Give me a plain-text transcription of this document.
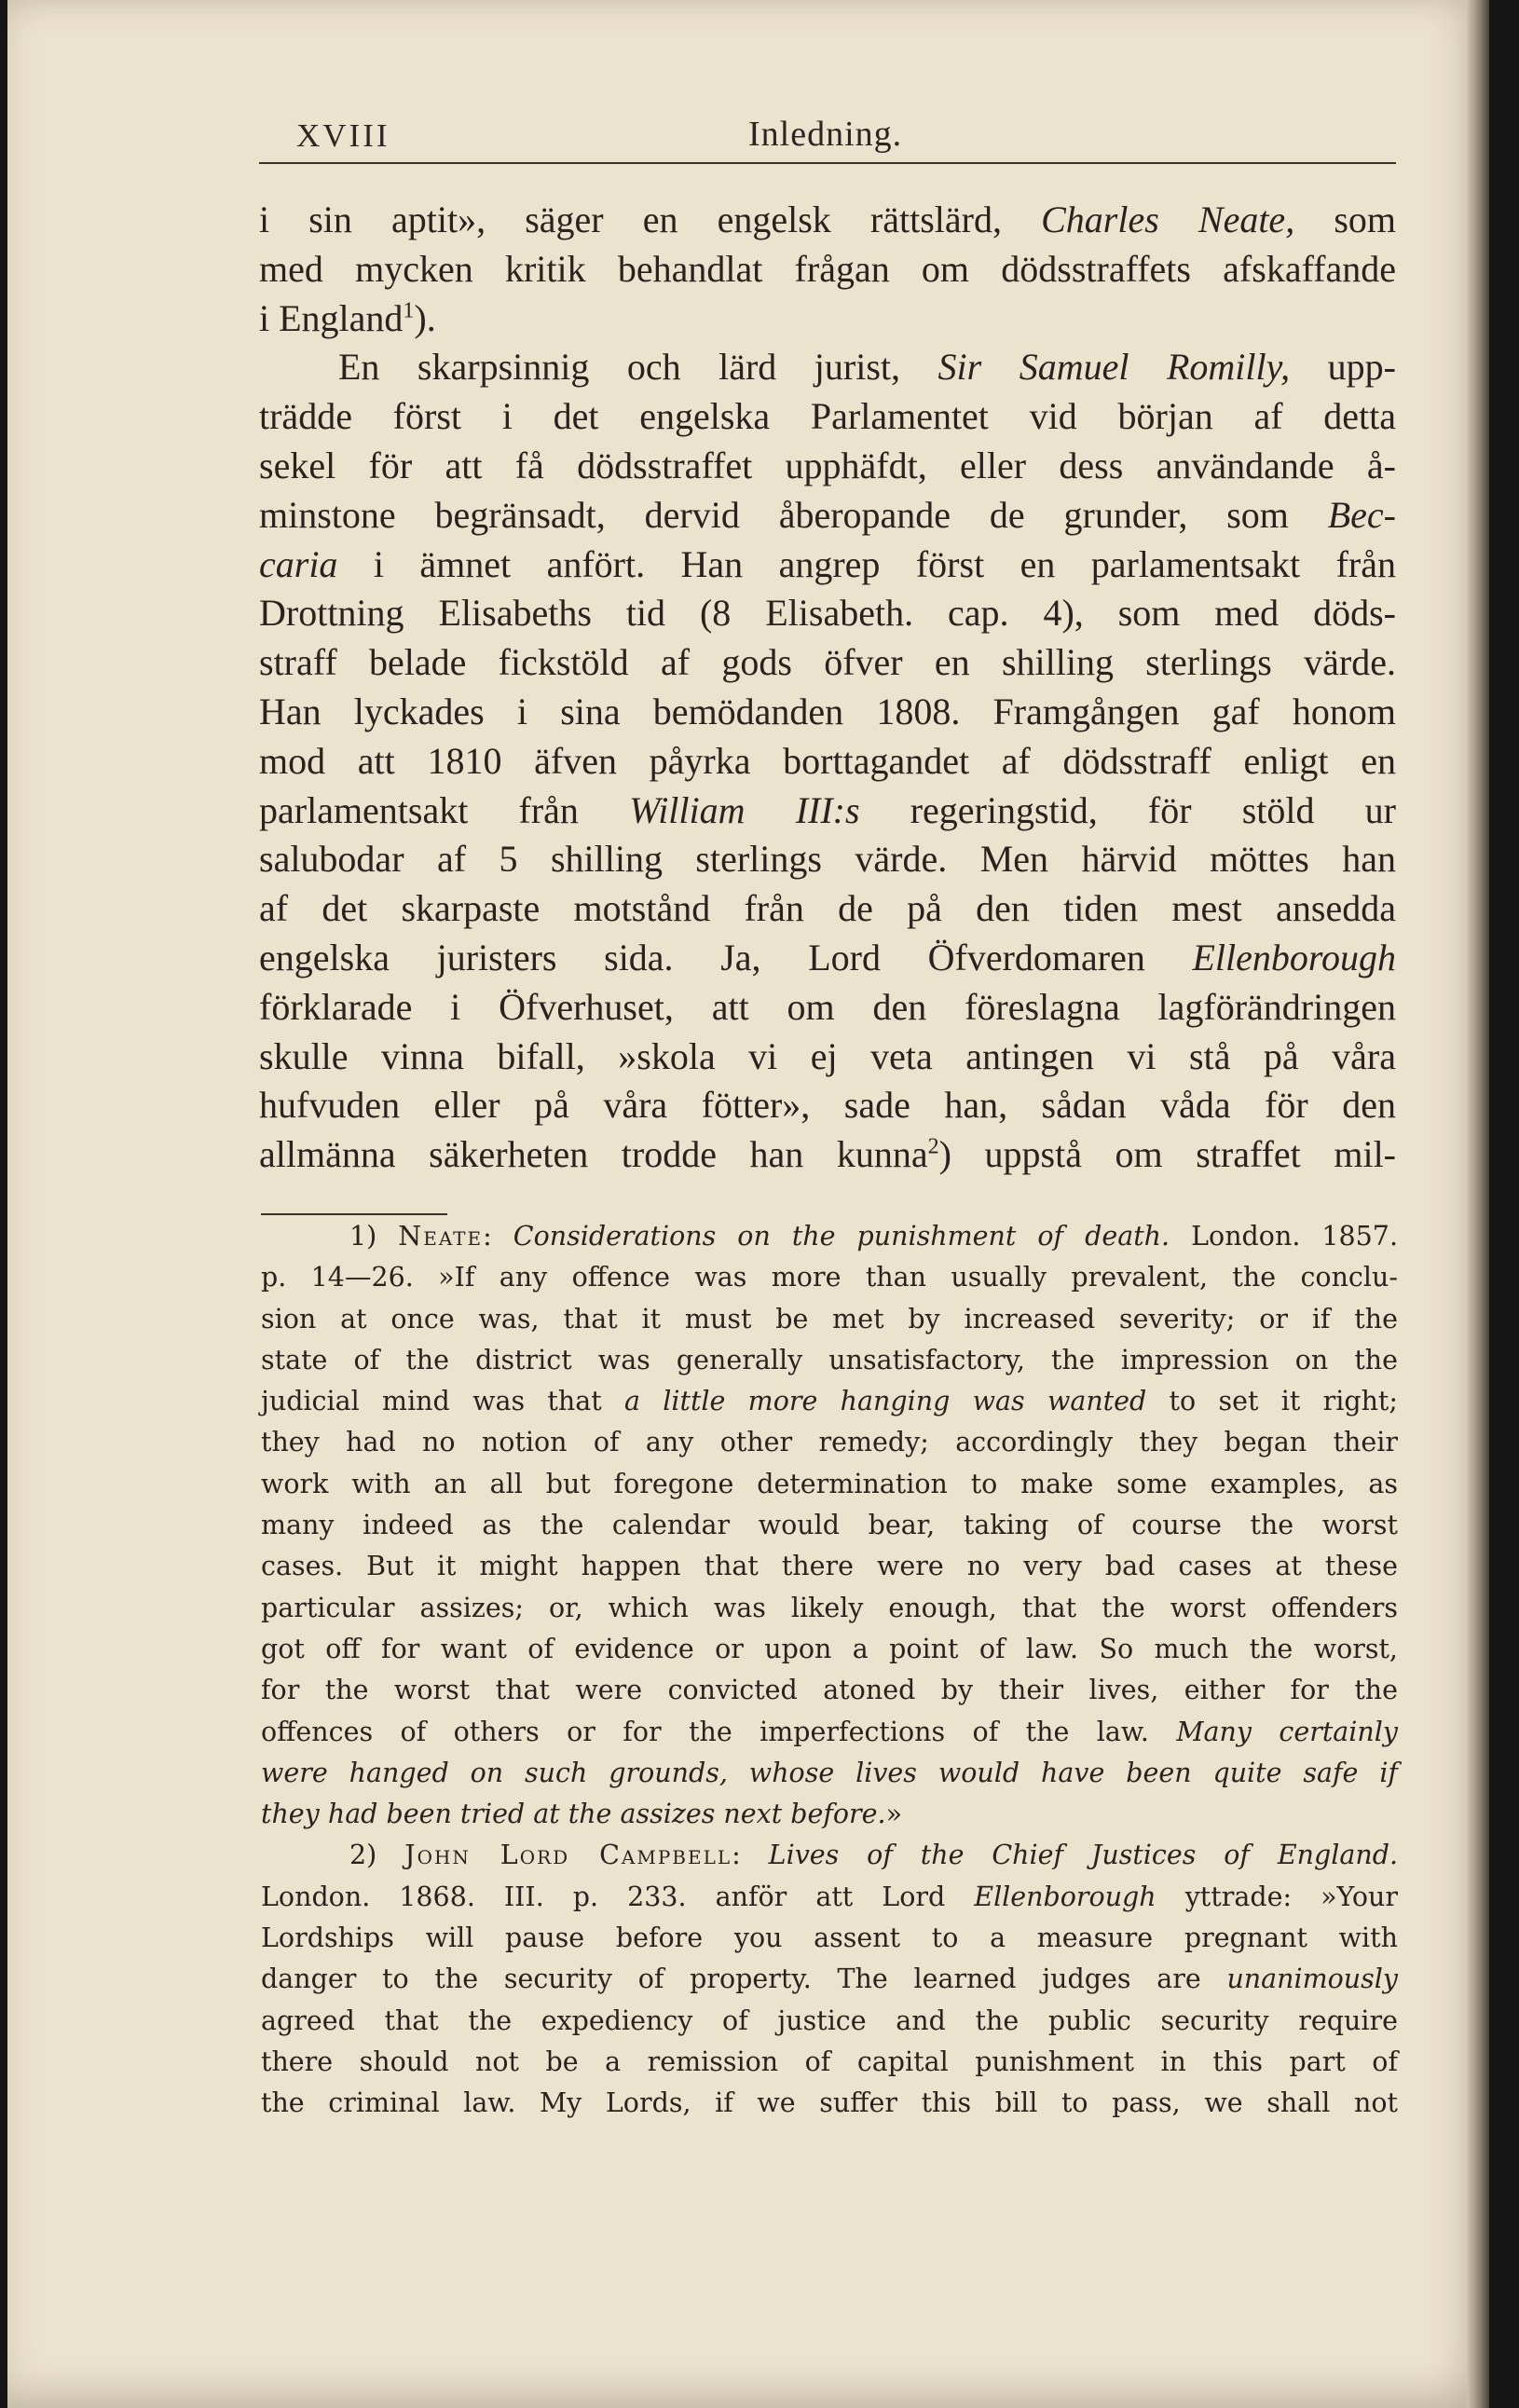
XVIII	Inledning.
i sin aptit», säger en engelsk rättslärd, Charles Neate, som
med mycken kritik behandlat frågan om dödsstraffets afskaffande
i England$^1$).
En skarpsinnig och lärd jurist, Sir Samuel Romilly, upp-
trädde först i det engelska Parlamentet vid början af detta
sekel för att få dödsstraffet upphäfdt, eller dess användande å-
minstone begränsadt, dervid åberopande de grunder, som Bec-
caria i ämnet anfört. Han angrep först en parlamentsakt från
Drottning Elisabeths tid (8 Elisabeth. cap. 4), som med döds-
straff belade fickstöld af gods öfver en shilling sterlings värde.
Han lyckades i sina bemödanden 1808. Framgången gaf honom
mod att 1810 äfven påyrka borttagandet af dödsstraff enligt en
parlamentsakt från William III:s regeringstid, för stöld ur
salubodar af 5 shilling sterlings värde. Men härvid möttes han
af det skarpaste motstånd från de på den tiden mest ansedda
engelska juristers sida. Ja, Lord Öfverdomaren Ellenborough
förklarade i Öfverhuset, att om den föreslagna lagförändringen
skulle vinna bifall, »skola vi ej veta antingen vi stå på våra
hufvuden eller på våra fötter», sade han, sådan våda för den
allmänna säkerheten trodde han kunna$^2$) uppstå om straffet mil-
1) Neate: Considerations on the punishment of death. London. 1857.
p. 14—26. »If any offence was more than usually prevalent, the conclu-
sion at once was, that it must be met by increased severity; or if the
state of the district was generally unsatisfactory, the impression on the
judicial mind was that a little more hanging was wanted to set it right;
they had no notion of any other remedy; accordingly they began their
work with an all but foregone determination to make some examples, as
many indeed as the calendar would bear, taking of course the worst
cases. But it might happen that there were no very bad cases at these
particular assizes; or, which was likely enough, that the worst offenders
got off for want of evidence or upon a point of law. So much the worst,
for the worst that were convicted atoned by their lives, either for the
offences of others or for the imperfections of the law. Many certainly
were hanged on such grounds, whose lives would have been quite safe if
they had been tried at the assizes next before.»
2) John Lord Campbell: Lives of the Chief Justices of England.
London. 1868. III. p. 233. anför att Lord Ellenborough yttrade: »Your
Lordships will pause before you assent to a measure pregnant with
danger to the security of property. The learned judges are unanimously
agreed that the expediency of justice and the public security require
there should not be a remission of capital punishment in this part of
the criminal law. My Lords, if we suffer this bill to pass, we shall not
